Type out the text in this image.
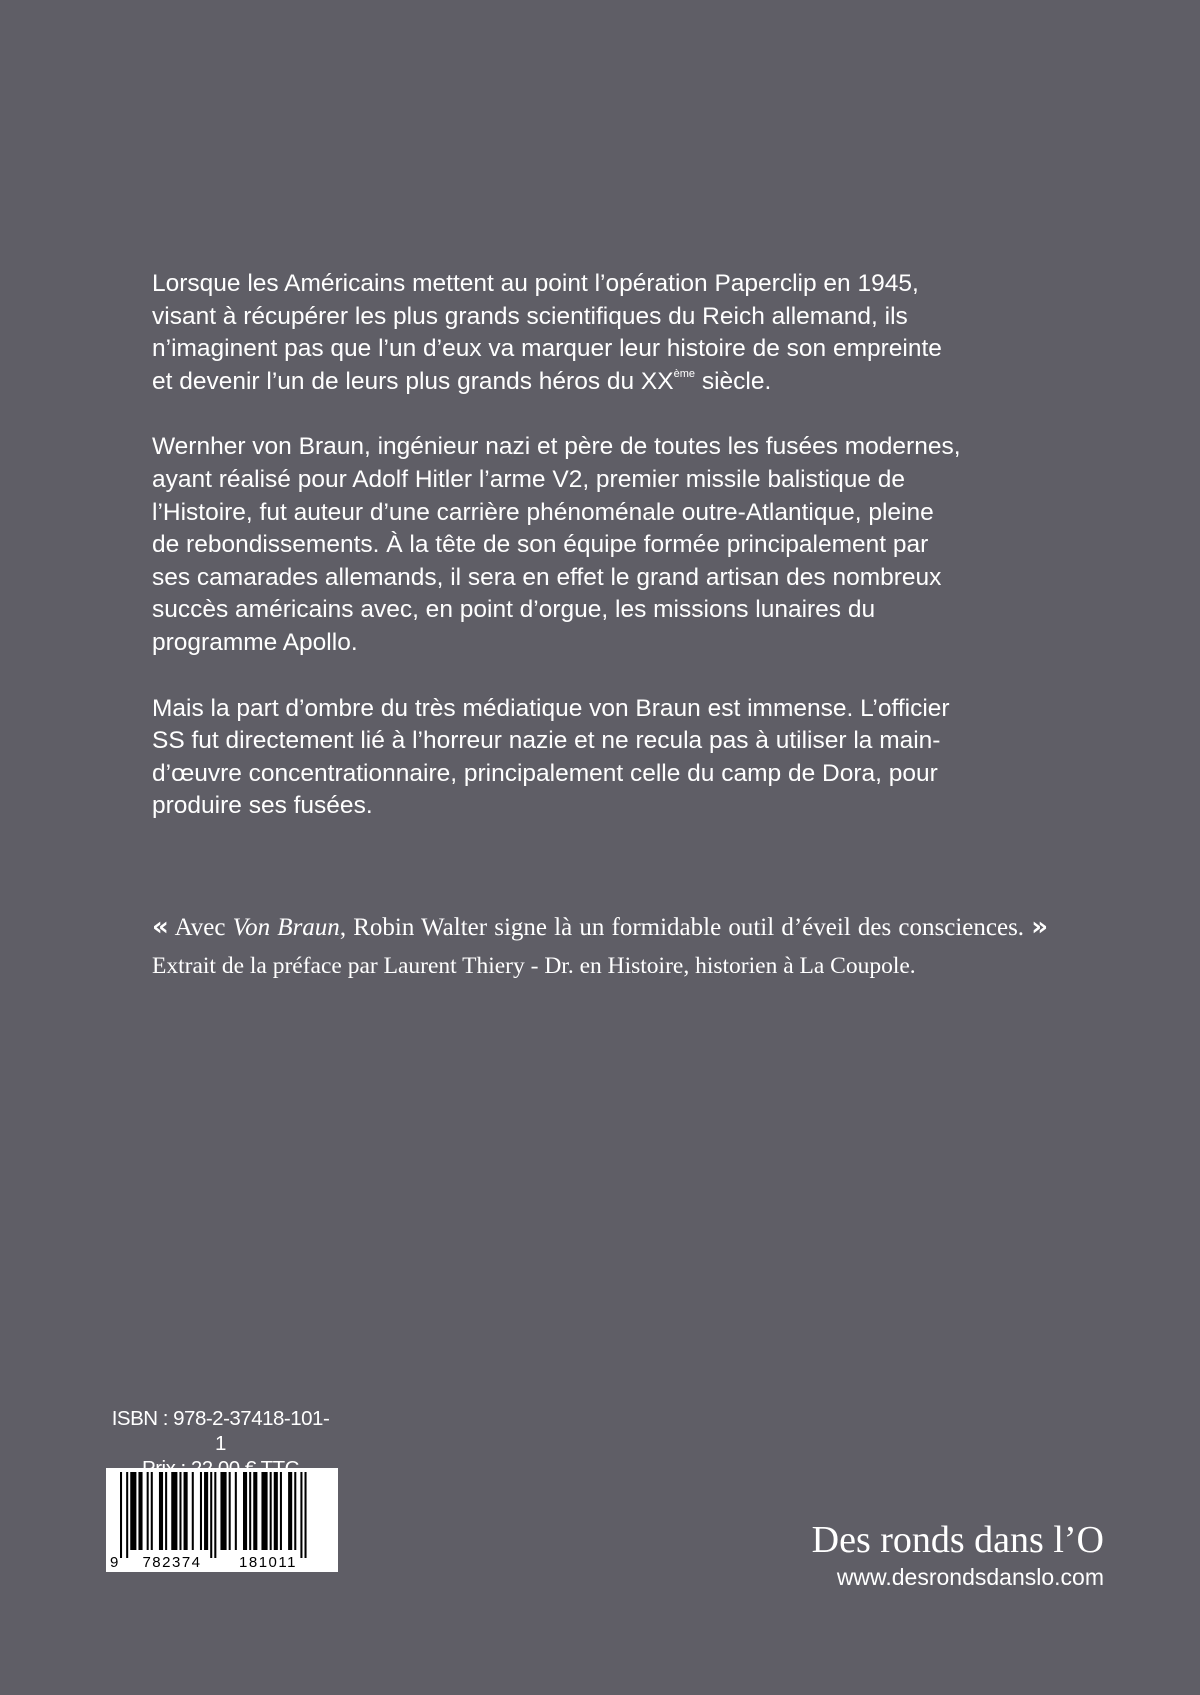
Lorsque les Américains mettent au point l’opération Paperclip en 1945,
visant à récupérer les plus grands scientifiques du Reich allemand, ils
n’imaginent pas que l’un d’eux va marquer leur histoire de son empreinte
et devenir l’un de leurs plus grands héros du XXème siècle.

Wernher von Braun, ingénieur nazi et père de toutes les fusées modernes,
ayant réalisé pour Adolf Hitler l’arme V2, premier missile balistique de
l’Histoire, fut auteur d’une carrière phénoménale outre-Atlantique, pleine
de rebondissements. À la tête de son équipe formée principalement par
ses camarades allemands, il sera en effet le grand artisan des nombreux
succès américains avec, en point d’orgue, les missions lunaires du
programme Apollo.

Mais la part d’ombre du très médiatique von Braun est immense. L’officier
SS fut directement lié à l’horreur nazie et ne recula pas à utiliser la main-
d’œuvre concentrationnaire, principalement celle du camp de Dora, pour
produire ses fusées.

« Avec Von Braun, Robin Walter signe là un formidable outil d’éveil des consciences. » Extrait de la préface par Laurent Thiery - Dr. en Histoire, historien à La Coupole.
ISBN : 978-2-37418-101-1
9 782374 181011
Des ronds dans l’O
www.desrondsdanslo.com
